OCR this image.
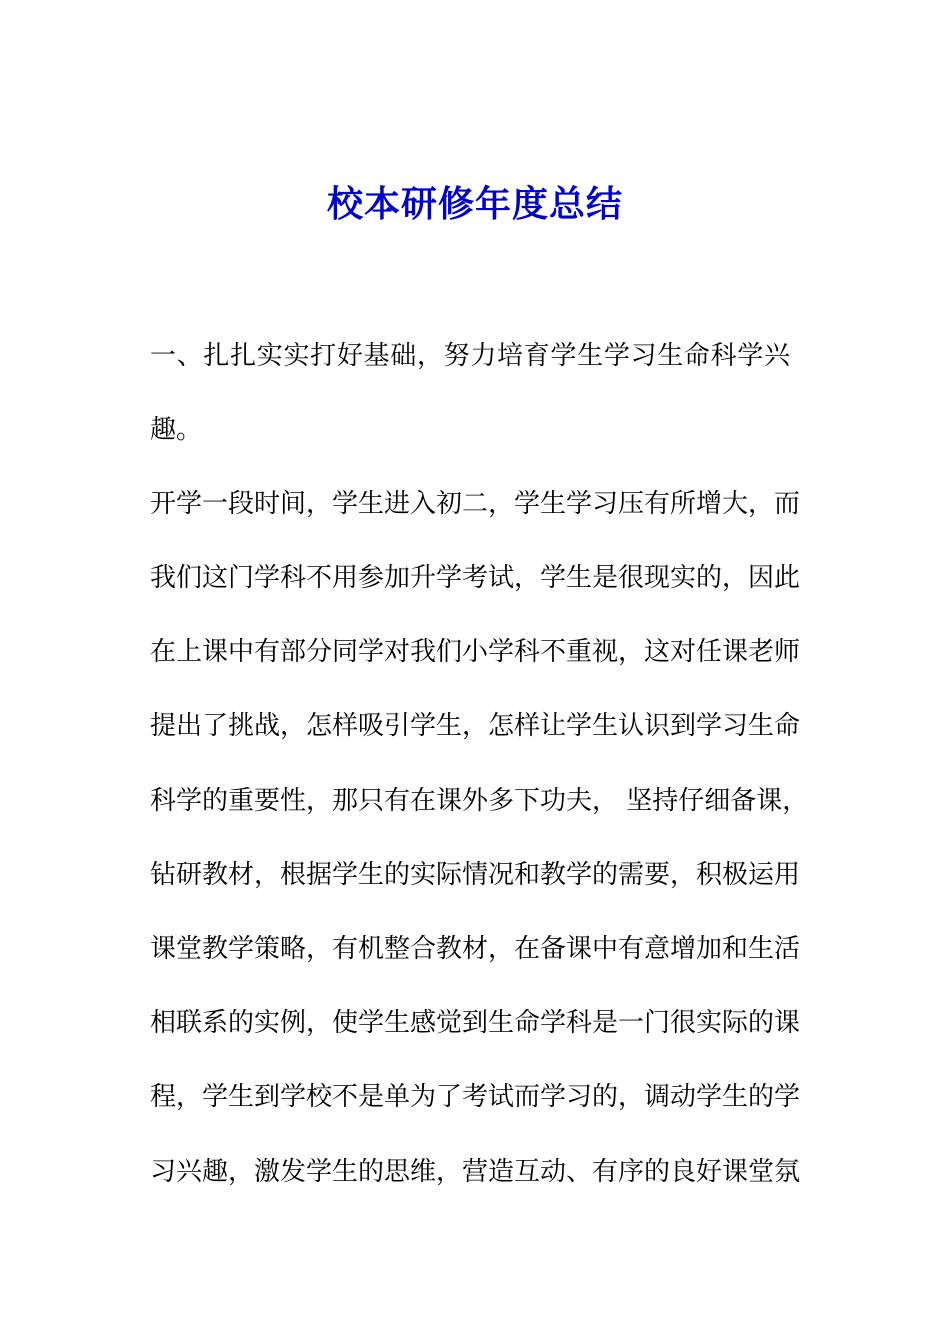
校本研修年度总结
一、扎扎实实打好基础，努力培育学生学习生命科学兴
趣。
开学一段时间，学生进入初二，学生学习压有所增大，而
我们这门学科不用参加升学考试，学生是很现实的，因此
在上课中有部分同学对我们小学科不重视，这对任课老师
提出了挑战，怎样吸引学生，怎样让学生认识到学习生命
科学的重要性，那只有在课外多下功夫， 坚持仔细备课，
钻研教材，根据学生的实际情况和教学的需要，积极运用
课堂教学策略，有机整合教材，在备课中有意增加和生活
相联系的实例，使学生感觉到生命学科是一门很实际的课
程，学生到学校不是单为了考试而学习的，调动学生的学
习兴趣，激发学生的思维，营造互动、有序的良好课堂氛
